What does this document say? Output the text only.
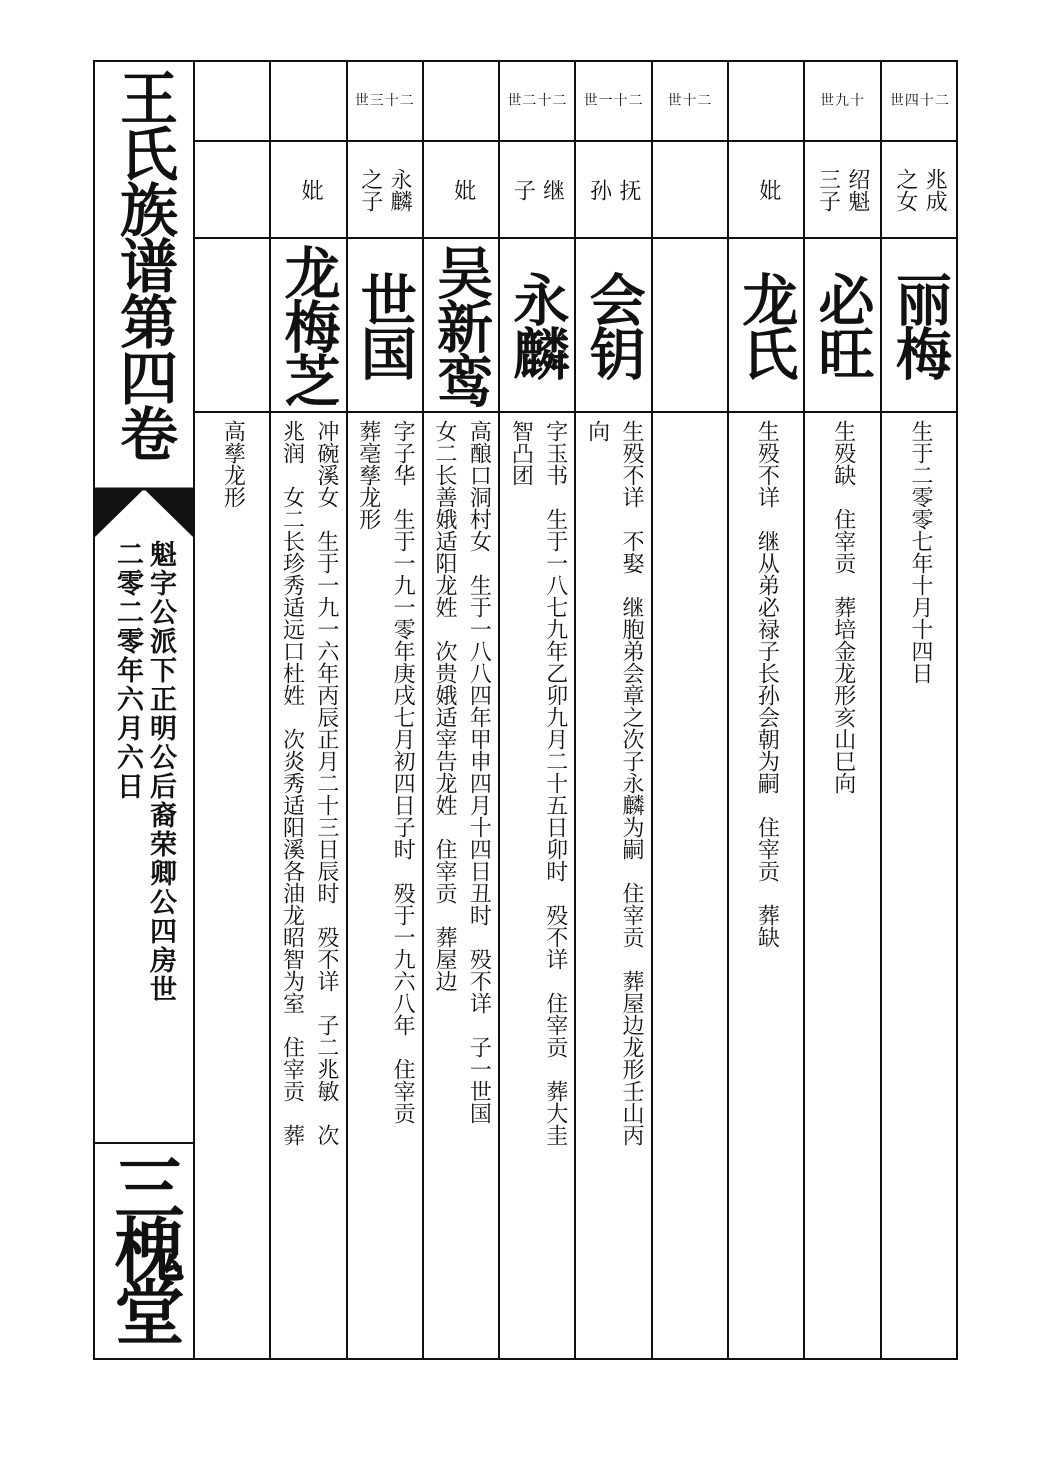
王氏族谱第四卷
魁字公派下正明公后裔荣卿公四房世
二零二零年六月六日
三槐堂
高孳龙形
妣
龙梅芝
冲碗溪女　生于一九一六年丙辰正月二十三日辰时　殁不详　子二兆敏　次
兆润　女二长珍秀适远口杜姓　次炎秀适阳溪各油龙昭智为室　住宰贡　葬
世三十二
永麟
之子
世国
字子华　生于一九一零年庚戌七月初四日子时　殁于一九六八年　住宰贡
葬亳孳龙形
妣
吴新鸾
高酿口洞村女　生于一八八四年甲申四月十四日丑时　殁不详　子一世国
女二长善娥适阳龙姓　次贵娥适宰告龙姓　住宰贡　葬屋边
世二十二
继
子
永麟
字玉书　生于一八七九年乙卯九月二十五日卯时　殁不详　住宰贡　葬大圭
智凸团
世一十二
抚
孙
会钥
生殁不详　不娶　继胞弟会章之次子永麟为嗣　住宰贡　葬屋边龙形壬山丙
向
世十二
妣
龙氏
生殁不详　继从弟必禄子长孙会朝为嗣　住宰贡　葬缺
世九十
绍魁
三子
必旺
生殁缺　住宰贡　葬培金龙形亥山巳向
世四十二
兆成
之女
丽梅
生于二零零七年十月十四日
